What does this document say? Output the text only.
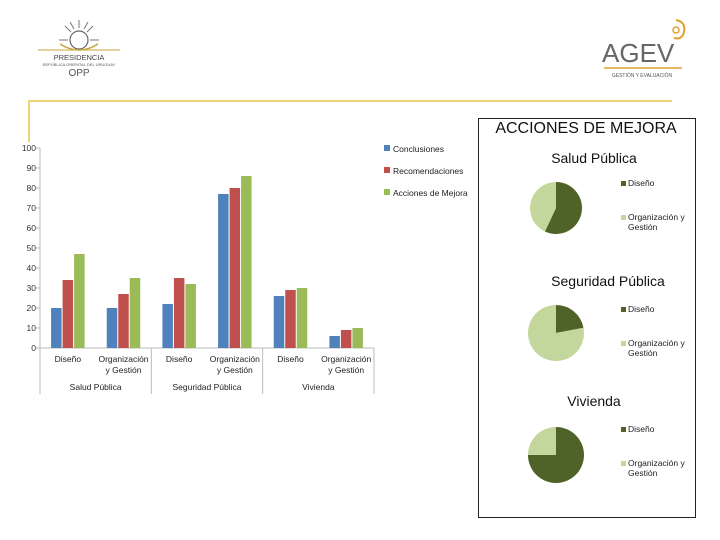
PRESIDENCIA
REPÚBLICA ORIENTAL DEL URUGUAY
OPP
AGEV
GESTIÓN Y EVALUACIÓN
0
10
20
30
40
50
60
70
80
90
100
Diseño Organización y Gestión
Diseño Organización y Gestión
Diseño Organización y Gestión
Salud Pública	Seguridad Pública	Vivienda
Conclusiones
Recomendaciones
Acciones de Mejora
ACCIONES DE MEJORA
Salud Pública
Diseño
Organización y Gestión
Seguridad Pública
Diseño
Organización y Gestión
Vivienda
Diseño
Organización y Gestión
